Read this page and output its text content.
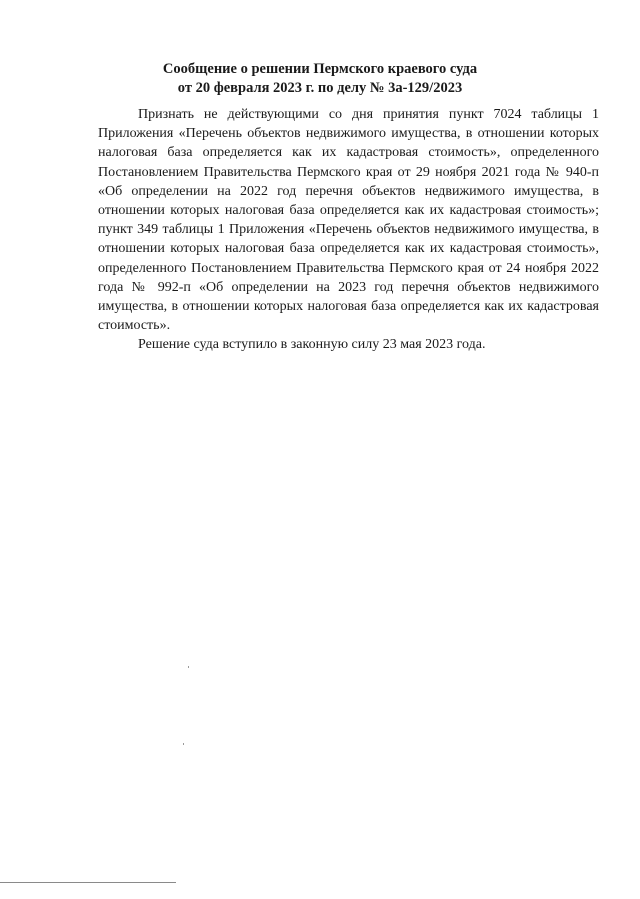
Сообщение о решении Пермского краевого суда
от 20 февраля 2023 г. по делу № 3а-129/2023

Признать не действующими со дня принятия пункт 7024 таблицы 1 Приложения «Перечень объектов недвижимого имущества, в отношении которых налоговая база определяется как их кадастровая стоимость», определенного Постановлением Правительства Пермского края от 29 ноября 2021 года № 940-п «Об определении на 2022 год перечня объектов недвижимого имущества, в отношении которых налоговая база определяется как их кадастровая стоимость»; пункт 349 таблицы 1 Приложения «Перечень объектов недвижимого имущества, в отношении которых налоговая база определяется как их кадастровая стоимость», определенного Постановлением Правительства Пермского края от 24 ноября 2022 года № 992-п «Об определении на 2023 год перечня объектов недвижимого имущества, в отношении которых налоговая база определяется как их кадастровая стоимость».

Решение суда вступило в законную силу 23 мая 2023 года.
